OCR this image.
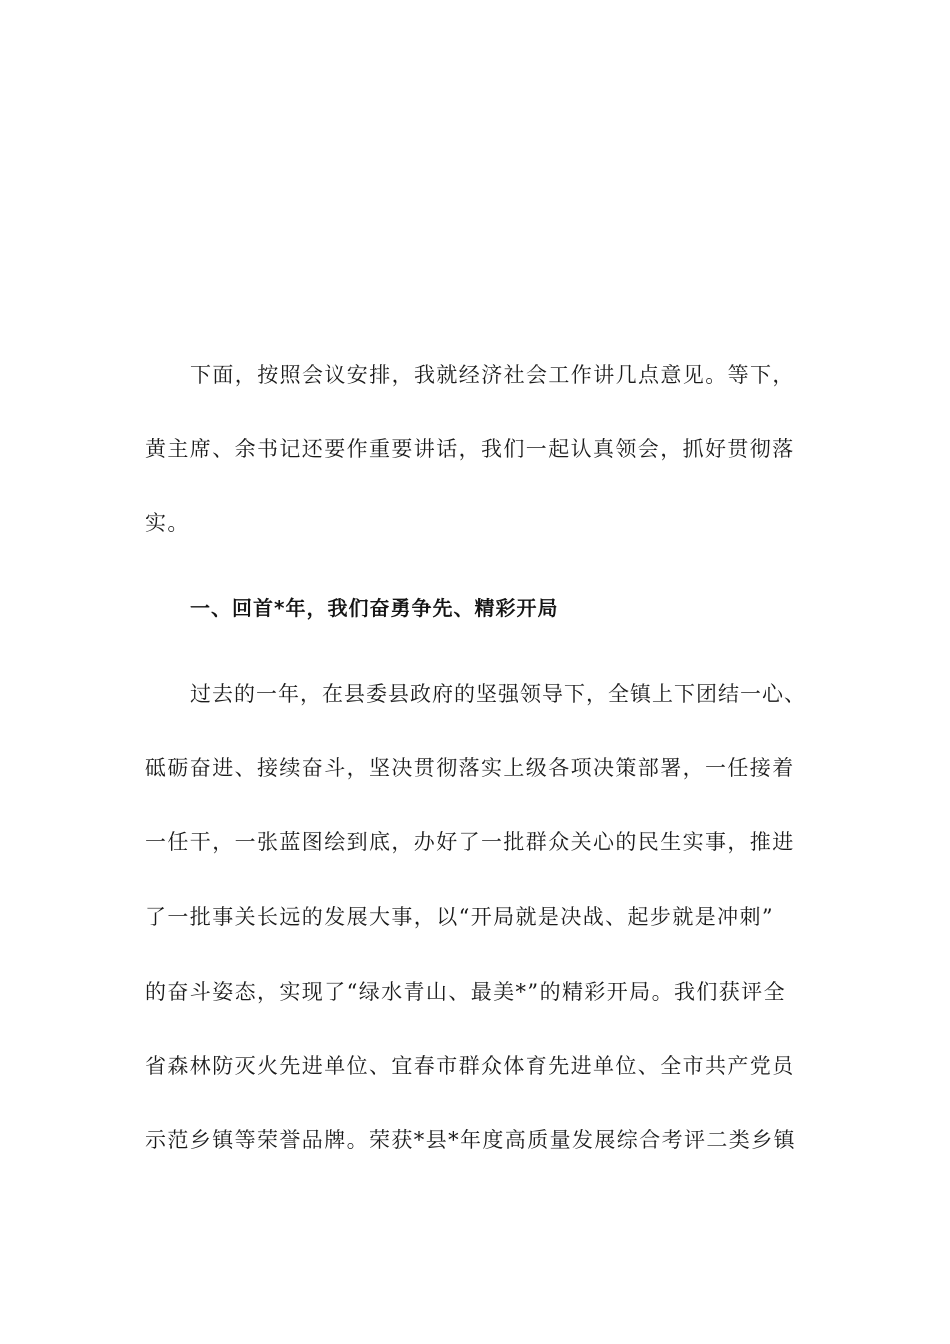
下面，按照会议安排，我就经济社会工作讲几点意见。等下，
黄主席、余书记还要作重要讲话，我们一起认真领会，抓好贯彻落
实。
一、回首*年，我们奋勇争先、精彩开局
过去的一年，在县委县政府的坚强领导下，全镇上下团结一心、
砥砺奋进、接续奋斗，坚决贯彻落实上级各项决策部署，一任接着
一任干，一张蓝图绘到底，办好了一批群众关心的民生实事，推进
了一批事关长远的发展大事，以“开局就是决战、起步就是冲刺”
的奋斗姿态，实现了“绿水青山、最美*”的精彩开局。我们获评全
省森林防灭火先进单位、宜春市群众体育先进单位、全市共产党员
示范乡镇等荣誉品牌。荣获*县*年度高质量发展综合考评二类乡镇
